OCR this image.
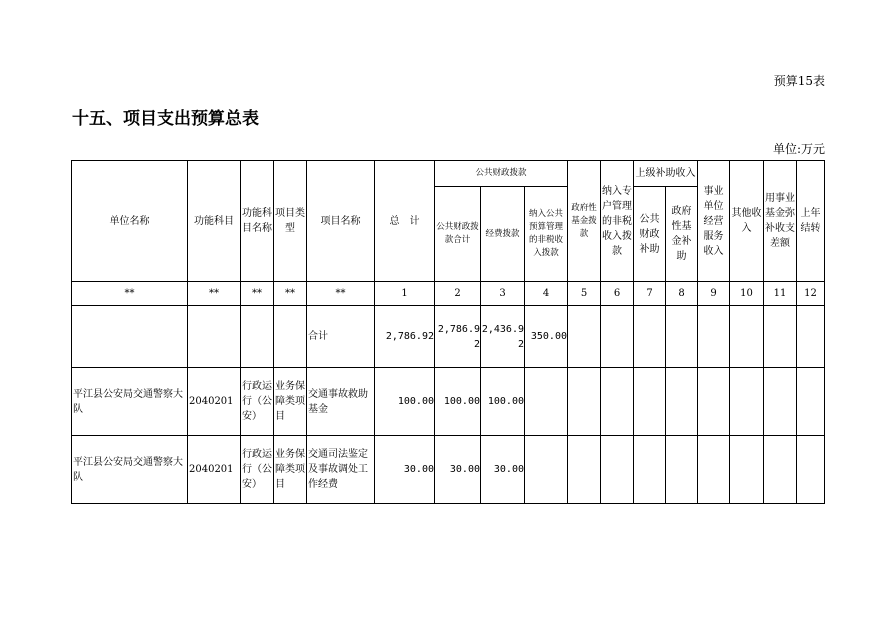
预算15表
十五、项目支出预算总表
单位:万元
单位名称	功能科目	功能科目名称	项目类型	项目名称	总　计	公共财政拨款			政府性基金拨款	纳入专户管理的非税收入拨款	上级补助收入		事业单位经营服务收入	其他收入	用事业基金弥补收支差额	上年结转
						公共财政拨款合计	经费拨款	纳入公共预算管理的非税收入拨款			公共财政补助	政府性基金补助				
**	**	**	**	**	1	2	3	4	5	6	7	8	9	10	11	12
				合计	2,786.92	2,786.92	2,436.92	350.00								
平江县公安局交通警察大队	2040201	行政运行（公安）	业务保障类项目	交通事故救助基金	100.00	100.00	100.00									
平江县公安局交通警察大队	2040201	行政运行（公安）	业务保障类项目	交通司法鉴定及事故调处工作经费	30.00	30.00	30.00									
